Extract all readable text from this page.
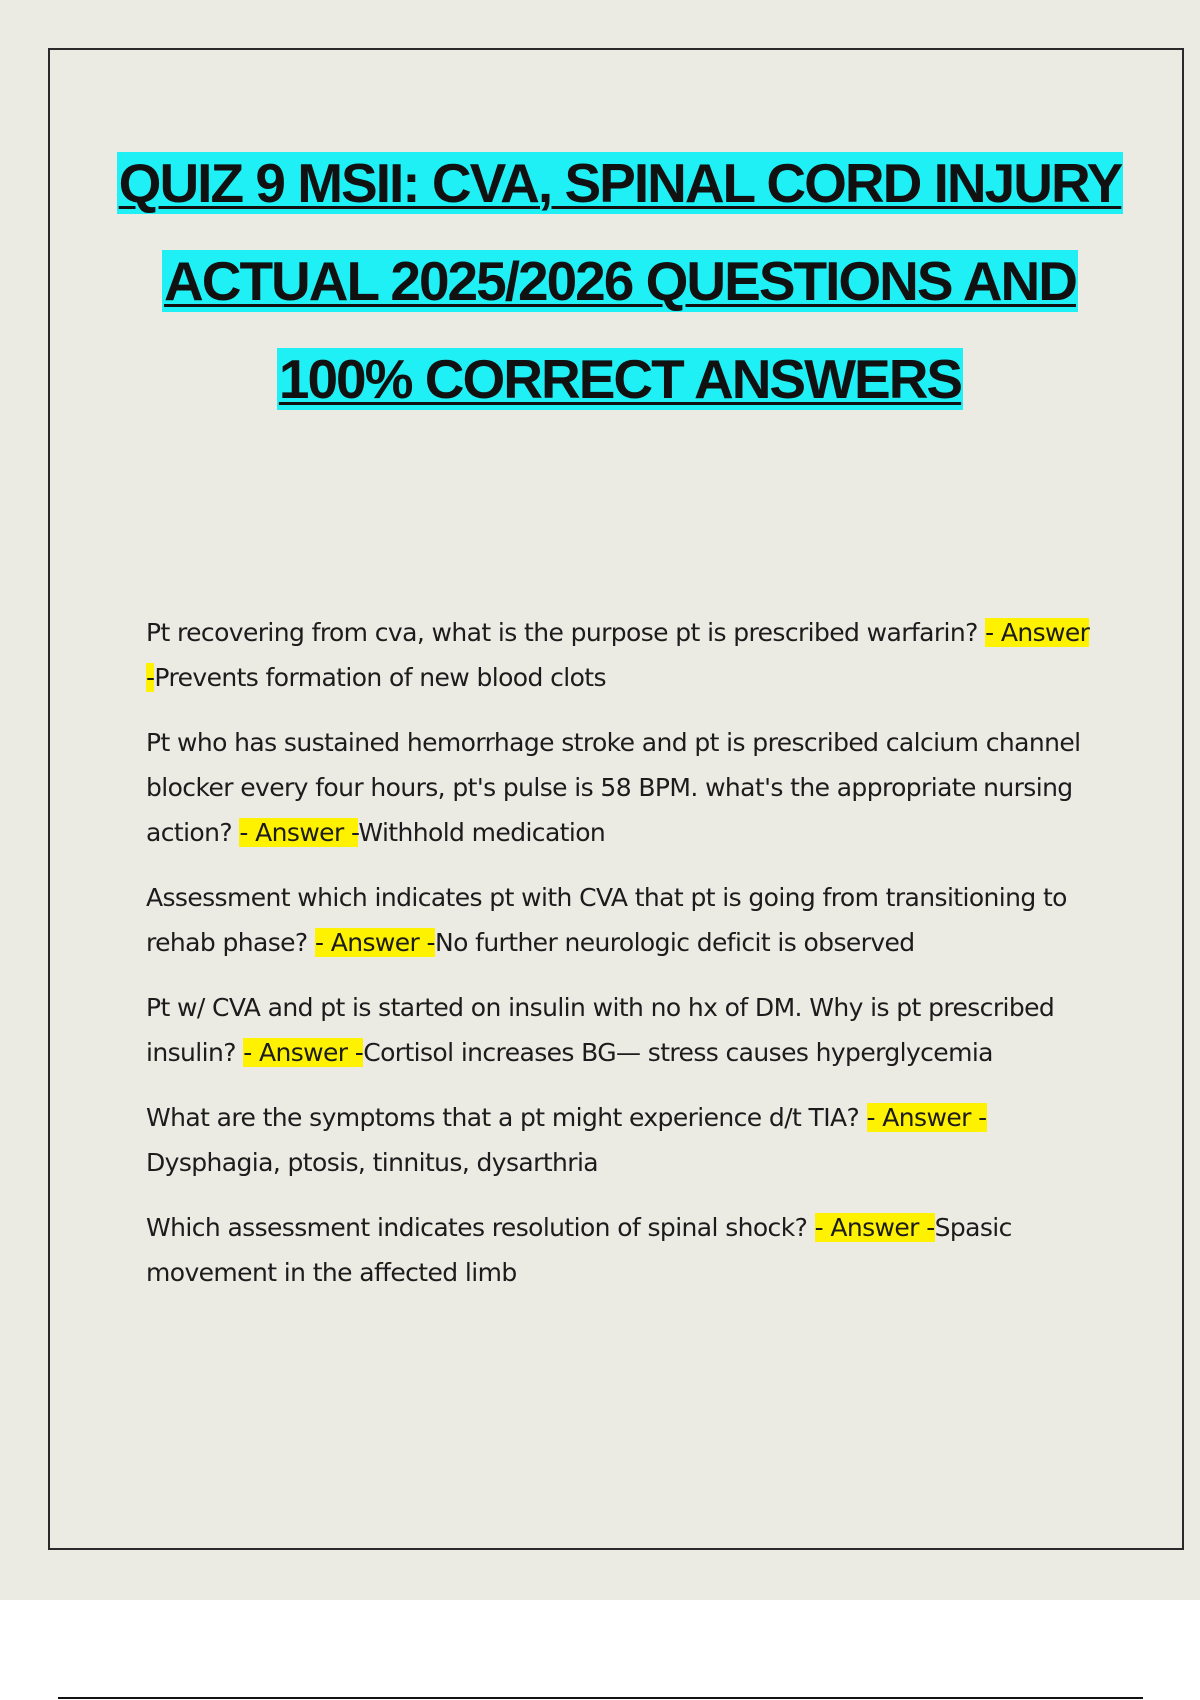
QUIZ 9 MSII: CVA, SPINAL CORD INJURY ACTUAL 2025/2026 QUESTIONS AND 100% CORRECT ANSWERS

Pt recovering from cva, what is the purpose pt is prescribed warfarin? - Answer -Prevents formation of new blood clots

Pt who has sustained hemorrhage stroke and pt is prescribed calcium channel blocker every four hours, pt's pulse is 58 BPM. what's the appropriate nursing action? - Answer -Withhold medication

Assessment which indicates pt with CVA that pt is going from transitioning to rehab phase? - Answer -No further neurologic deficit is observed

Pt w/ CVA and pt is started on insulin with no hx of DM. Why is pt prescribed insulin? - Answer -Cortisol increases BG— stress causes hyperglycemia

What are the symptoms that a pt might experience d/t TIA? - Answer -Dysphagia, ptosis, tinnitus, dysarthria

Which assessment indicates resolution of spinal shock? - Answer -Spasic movement in the affected limb
